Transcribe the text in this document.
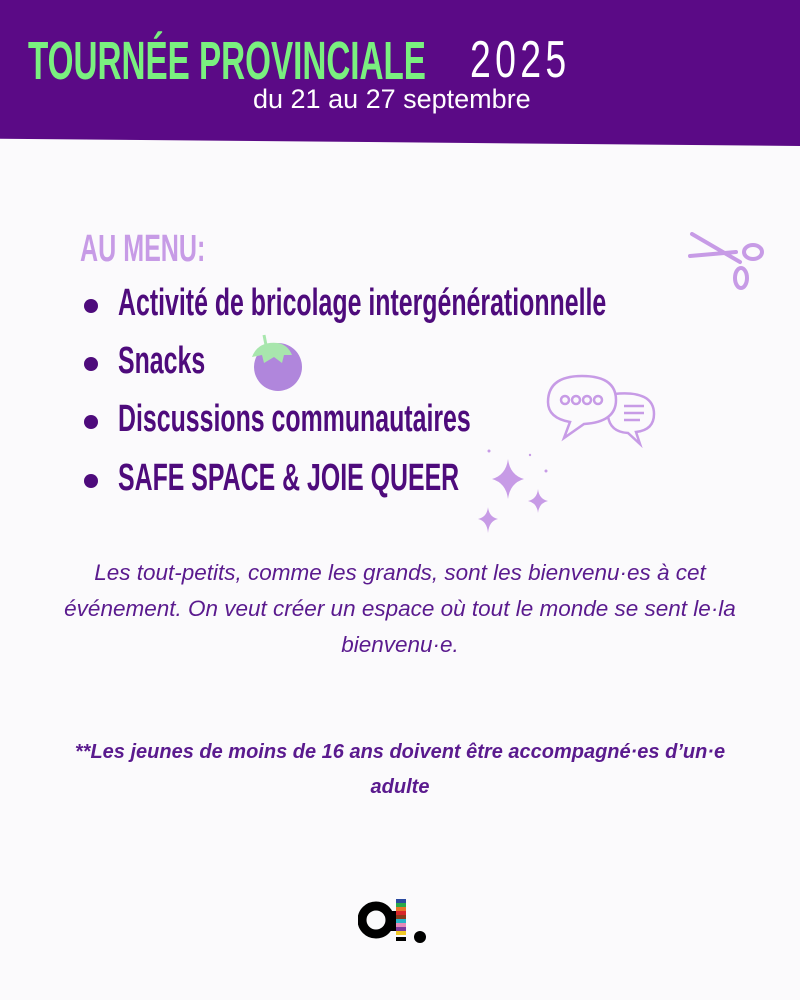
TOURNÉE PROVINCIALE 2025
du 21 au 27 septembre
AU MENU:
Activité de bricolage intergénérationnelle
Snacks
Discussions communautaires
SAFE SPACE & JOIE QUEER
Les tout-petits, comme les grands, sont les bienvenu·es à cet événement. On veut créer un espace où tout le monde se sent le·la bienvenu·e.
**Les jeunes de moins de 16 ans doivent être accompagné·es d’un·e adulte
